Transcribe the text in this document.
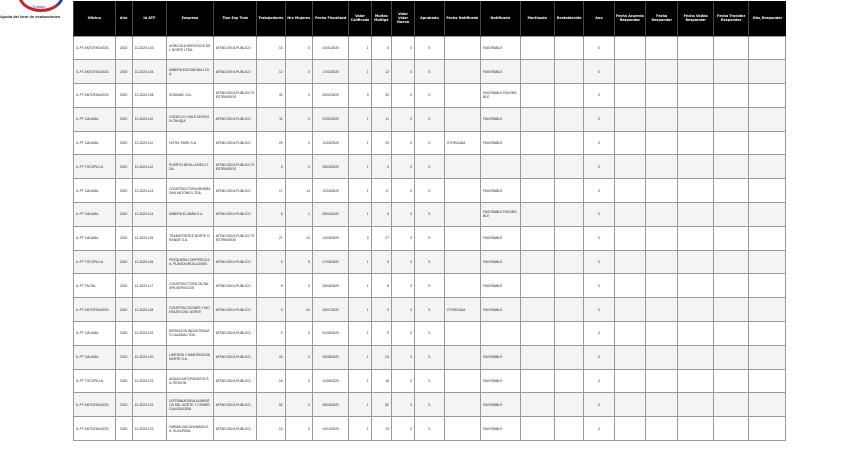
Trabajo
Ayuda del ítem de evaluaciones	Oficina	Año	Id ATP	Empresa	Tipo Exp Trab	Trabajadores	Hrs Mujeres	Fecha Fiscalizad	Valor Calificado	Multas Multiga	Valor Valor Nuevo	Aprobado	Fecha Notificada	Notificado	Mortiusdo	Restablecido	Ano	Fecha Acuerdo Respondar	Fecha Respondar	Fecha Valido Respondar	Fecha Tracidez Respondar	Obs_Respondar
IL.PT ANTOFAGASTA	2020	12-2020-103	AGRICOLA SERVICIOS DEL NORTE LTDA.	ATENCION A PUBLICO	14	0	20/01/2020	1	0	0	S		FAVORABLE			0					
IL.PT ANTOFAGASTA	2020	12-2020-104	MINERA ESCONDIDA LTDA.	ATENCION A PUBLICO	12	0	17/02/2020	1	12	0	S		FAVORABLE			0					
IL.PT ANTOFAGASTA	2020	12-2020-108	SODIMAC S.A.	ATENCION A PUBLICO RESTRINGIDO	32	0	20/02/2020	0	32	0	S		FAVORABLE FAVORABLE			0					
IL.PT CALAMA	2020	12-2020-110	CODELCO CHILE DIVISION CHUQUI	ATENCION A PUBLICO	11	0	22/02/2020	1	11	0	S		FAVORABLE			0					
IL.PT CALAMA	2020	12-2020-111	HOTEL PARK S.A.	ATENCION A PUBLICO	29	0	11/03/2020	1	29	0	S	OTORGADA	FAVORABLE			0					
IL.PT TOCOPILLA	2020	12-2020-112	PUERTO MEJILLONES LTDA.	ATENCION A PUBLICO RESTRINGIDO	4	0	25/03/2020	1	4	0	S					0					
IL.PT CALAMA	2020	12-2020-113	CONSTRUCTORA MINERA SAN ANTONIO LTDA.	ATENCION A PUBLICO	17	14	12/04/2020	1	17	0	S		FAVORABLE			0					
IL.PT CALAMA	2020	12-2020-114	MINERA EL ABRA S.A.	ATENCION A PUBLICO	6	1	28/04/2020	1	6	0	S		FAVORABLE FAVORABLE			0					
IL.PT CALAMA	2020	12-2020-115	TRANSPORTES NORTE GRANDE S.A.	ATENCION A PUBLICO RESTRINGIDO	27	12	14/05/2020	0	27	0	S		FAVORABLE			0					
IL.PT TOCOPILLA	2020	12-2020-116	PESQUERA CORPESCA S.A. PLANTA MEJILLONES	ATENCION A PUBLICO	5	5	17/05/2020	1	5	0	S		FAVORABLE			0					
IL.PT TALTAL	2020	12-2020-117	CONSTRUCTORA TALTAL SPA SERVICIOS	ATENCION A PUBLICO	8	0	25/06/2020	1	8	0	S		FAVORABLE			0					
IL.PT ANTOFAGASTA	2020	12-2020-118	CONSTRUCCIONES Y MONTAJES DEL NORTE	ATENCION A PUBLICO	3	24	15/07/2020	1	3	0	S	OTORGADA	FAVORABLE			0					
IL.PT CALAMA	2020	12-2020-119	SERVICIOS INDUSTRIALES CALAMA LTDA.	ATENCION A PUBLICO	9	0	02/08/2020	1	9	0	S					0					
IL.PT CALAMA	2020	12-2020-120	LIMPIEZA Y MANTENCION NORTE S.A.	ATENCION A PUBLICO	24	0	20/08/2020	1	24	0	S		FAVORABLE			0					
IL.PT TOCOPILLA	2020	12-2020-121	AGUAS ANTOFAGASTA S.A. REGION	ATENCION A PUBLICO	16	0	11/09/2020	1	16	0	S		FAVORABLE			0					
IL.PT ANTOFAGASTA	2020	12-2020-122	DISTRIBUIDORA ALIMENTOS DEL NORTE Y COMERCIALIZADORA	ATENCION A PUBLICO	52	0	28/09/2020	1	52	0	S		FAVORABLE			0					
IL.PT ANTOFAGASTA	2020	12-2020-123	FARMACIAS AHUMADA S.A. SUCURSAL	ATENCION A PUBLICO	13	0	14/10/2020	1	13	0	S		FAVORABLE			0					
